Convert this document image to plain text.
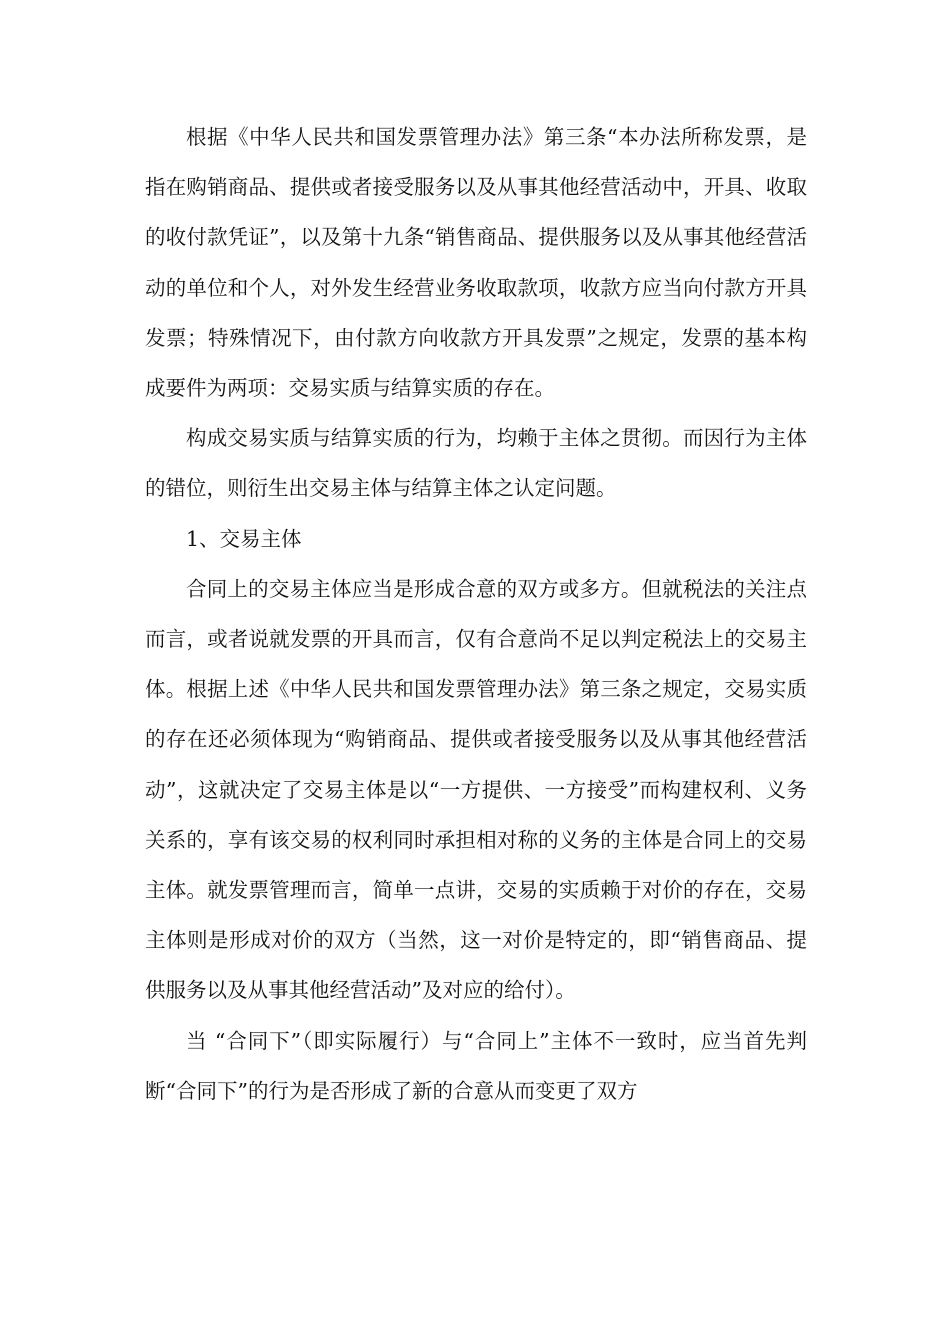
根据《中华人民共和国发票管理办法》第三条“本办法所称发票，是指在购销商品、提供或者接受服务以及从事其他经营活动中，开具、收取的收付款凭证”，以及第十九条“销售商品、提供服务以及从事其他经营活动的单位和个人，对外发生经营业务收取款项，收款方应当向付款方开具发票；特殊情况下，由付款方向收款方开具发票”之规定，发票的基本构成要件为两项：交易实质与结算实质的存在。

构成交易实质与结算实质的行为，均赖于主体之贯彻。而因行为主体的错位，则衍生出交易主体与结算主体之认定问题。

1、交易主体

合同上的交易主体应当是形成合意的双方或多方。但就税法的关注点而言，或者说就发票的开具而言，仅有合意尚不足以判定税法上的交易主体。根据上述《中华人民共和国发票管理办法》第三条之规定，交易实质的存在还必须体现为“购销商品、提供或者接受服务以及从事其他经营活动”，这就决定了交易主体是以“一方提供、一方接受”而构建权利、义务关系的，享有该交易的权利同时承担相对称的义务的主体是合同上的交易主体。就发票管理而言，简单一点讲，交易的实质赖于对价的存在，交易主体则是形成对价的双方（当然，这一对价是特定的，即“销售商品、提供服务以及从事其他经营活动”及对应的给付）。

当 “合同下”（即实际履行）与“合同上”主体不一致时，应当首先判断“合同下”的行为是否形成了新的合意从而变更了双方
